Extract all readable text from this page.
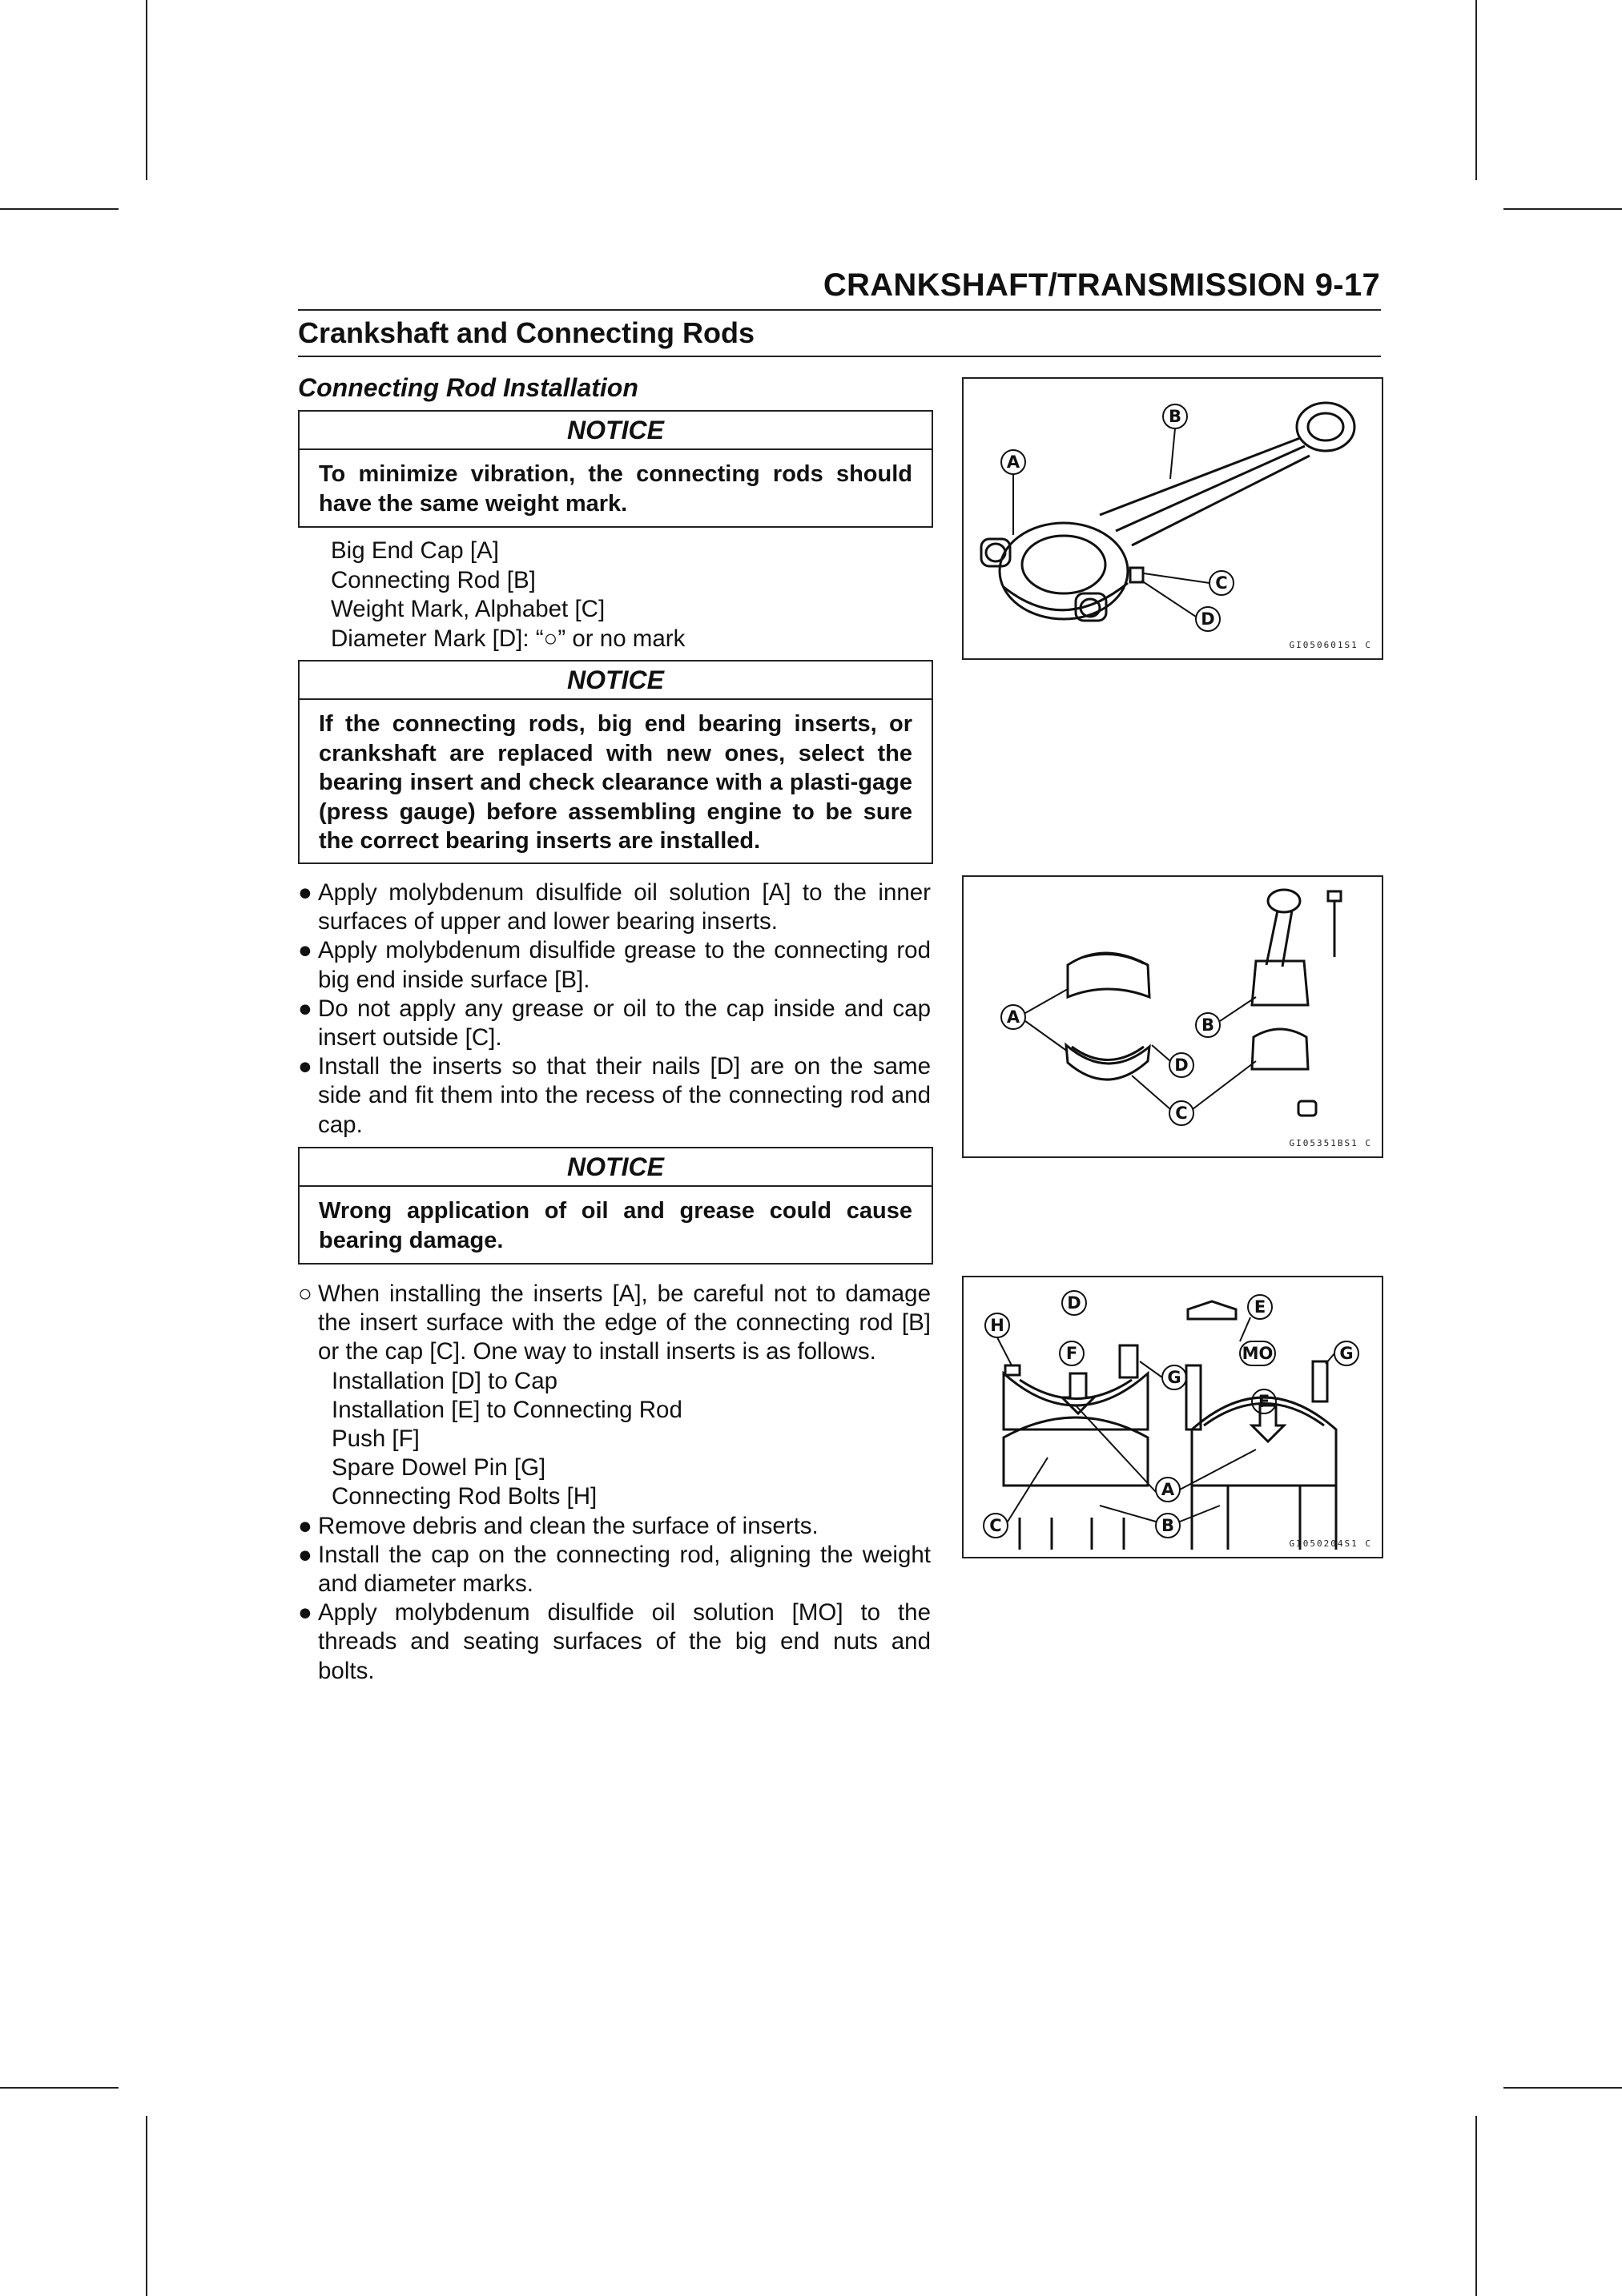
CRANKSHAFT/TRANSMISSION 9-17
Crankshaft and Connecting Rods
Connecting Rod Installation
NOTICE
To minimize vibration, the connecting rods should have the same weight mark.
Big End Cap [A]
Connecting Rod [B]
Weight Mark, Alphabet [C]
Diameter Mark [D]: “○” or no mark
NOTICE
If the connecting rods, big end bearing inserts, or crankshaft are replaced with new ones, select the bearing insert and check clearance with a plasti-gage (press gauge) before assembling engine to be sure the correct bearing inserts are installed.
● Apply molybdenum disulfide oil solution [A] to the inner surfaces of upper and lower bearing inserts.
● Apply molybdenum disulfide grease to the connecting rod big end inside surface [B].
● Do not apply any grease or oil to the cap inside and cap insert outside [C].
● Install the inserts so that their nails [D] are on the same side and fit them into the recess of the connecting rod and cap.
NOTICE
Wrong application of oil and grease could cause bearing damage.
○ When installing the inserts [A], be careful not to damage the insert surface with the edge of the connecting rod [B] or the cap [C]. One way to install inserts is as follows.
Installation [D] to Cap
Installation [E] to Connecting Rod
Push [F]
Spare Dowel Pin [G]
Connecting Rod Bolts [H]
● Remove debris and clean the surface of inserts.
● Install the cap on the connecting rod, aligning the weight and diameter marks.
● Apply molybdenum disulfide oil solution [MO] to the threads and seating surfaces of the big end nuts and bolts.
A
B
C
D
GI050601S1 C
A	B
C
D
GI05351BS1 C
H
D	E
F
G
MO	G
F
A
C	B
GI050204S1 C
